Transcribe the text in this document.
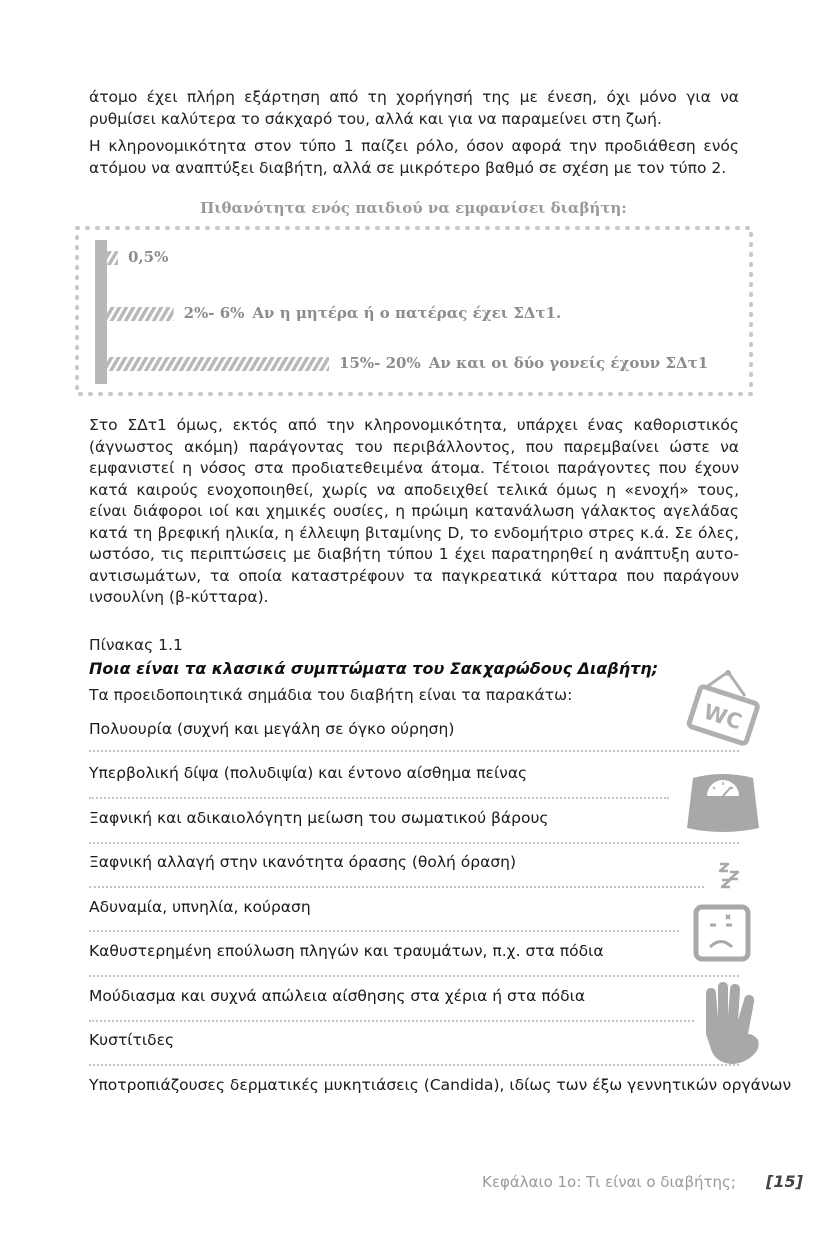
άτομο έχει πλήρη εξάρτηση από τη χορήγησή της με ένεση, όχι μόνο για να ρυθμίσει καλύτερα το σάκχαρό του, αλλά και για να παραμείνει στη ζωή.

Η κληρονομικότητα στον τύπο 1 παίζει ρόλο, όσον αφορά την προδιάθεση ενός ατόμου να αναπτύξει διαβήτη, αλλά σε μικρότερο βαθμό σε σχέση με τον τύπο 2.

Πιθανότητα ενός παιδιού να εμφανίσει διαβήτη:
0,5%
2%- 6% Αν η μητέρα ή ο πατέρας έχει ΣΔτ1.
15%- 20% Αν και οι δύο γονείς έχουν ΣΔτ1

Στο ΣΔτ1 όμως, εκτός από την κληρονομικότητα, υπάρχει ένας καθοριστικός (άγνωστος ακόμη) παράγοντας του περιβάλλοντος, που παρεμβαίνει ώστε να εμφανιστεί η νόσος στα προδιατεθειμένα άτομα. Τέτοιοι παράγοντες που έχουν κατά καιρούς ενοχοποιηθεί, χωρίς να αποδειχθεί τελικά όμως η «ενοχή» τους, είναι διάφοροι ιοί και χημικές ουσίες, η πρώιμη κατανάλωση γάλακτος αγελάδας κατά τη βρεφική ηλικία, η έλλειψη βιταμίνης D, το ενδομήτριο στρες κ.ά. Σε όλες, ωστόσο, τις περιπτώσεις με διαβήτη τύπου 1 έχει παρατηρηθεί η ανάπτυξη αυτο-αντισωμάτων, τα οποία καταστρέφουν τα παγκρεατικά κύτταρα που παράγουν ινσουλίνη (β-κύτταρα).

Πίνακας 1.1
Ποια είναι τα κλασικά συμπτώματα του Σακχαρώδους Διαβήτη;
Τα προειδοποιητικά σημάδια του διαβήτη είναι τα παρακάτω:
Πολυουρία (συχνή και μεγάλη σε όγκο ούρηση)
Υπερβολική δίψα (πολυδιψία) και έντονο αίσθημα πείνας
Ξαφνική και αδικαιολόγητη μείωση του σωματικού βάρους
Ξαφνική αλλαγή στην ικανότητα όρασης (θολή όραση)
Αδυναμία, υπνηλία, κούραση
Καθυστερημένη επούλωση πληγών και τραυμάτων, π.χ. στα πόδια
Μούδιασμα και συχνά απώλεια αίσθησης στα χέρια ή στα πόδια
Κυστίτιδες
Υποτροπιάζουσες δερματικές μυκητιάσεις (Candida), ιδίως των έξω γεννητικών οργάνων
WC
Κεφάλαιο 1ο: Τι είναι ο διαβήτης; [15]
